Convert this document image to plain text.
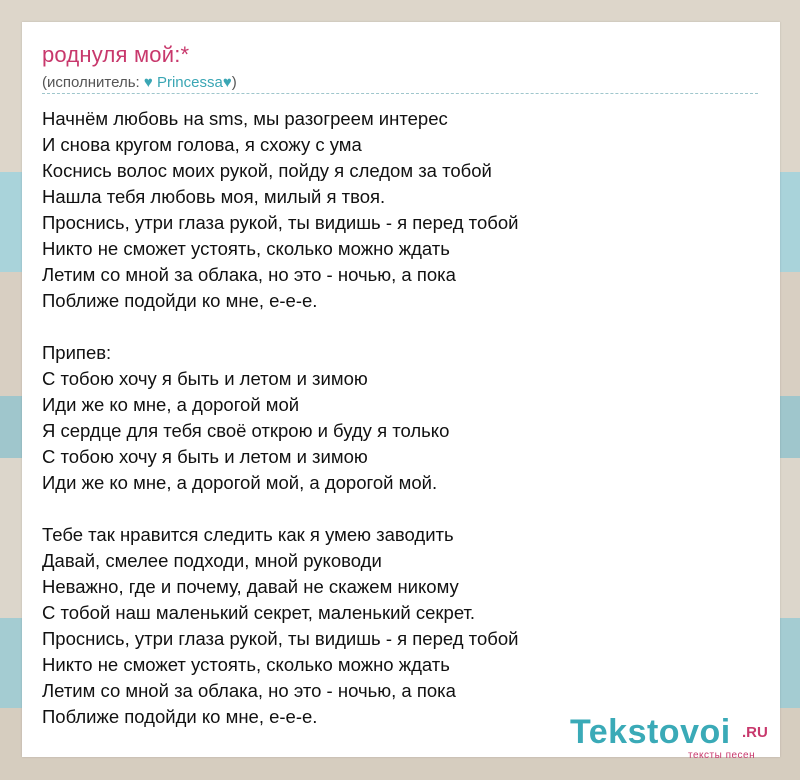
роднуля мой:*
(исполнитель: ♥ Princessa♥)
Начнём любовь на sms, мы разогреем интерес
И снова кругом голова, я схожу с ума
Коснись волос моих рукой, пойду я следом за тобой
Нашла тебя любовь моя, милый я твоя.
Проснись, утри глаза рукой, ты видишь - я перед тобой
Никто не сможет устоять, сколько можно ждать
Летим со мной за облака, но это - ночью, а пока
Поближе подойди ко мне, е-е-е.
Припев:
С тобою хочу я быть и летом и зимою
Иди же ко мне, а дорогой мой
Я сердце для тебя своё открою и буду я только
С тобою хочу я быть и летом и зимою
Иди же ко мне, а дорогой мой, а дорогой мой.
Тебе так нравится следить как я умею заводить
Давай, смелее подходи, мной руководи
Неважно, где и почему, давай не скажем никому
С тобой наш маленький секрет, маленький секрет.
Проснись, утри глаза рукой, ты видишь - я перед тобой
Никто не сможет устоять, сколько можно ждать
Летим со мной за облака, но это - ночью, а пока
Поближе подойди ко мне, е-е-е.	Tekstovoi .RU
тексты песен
